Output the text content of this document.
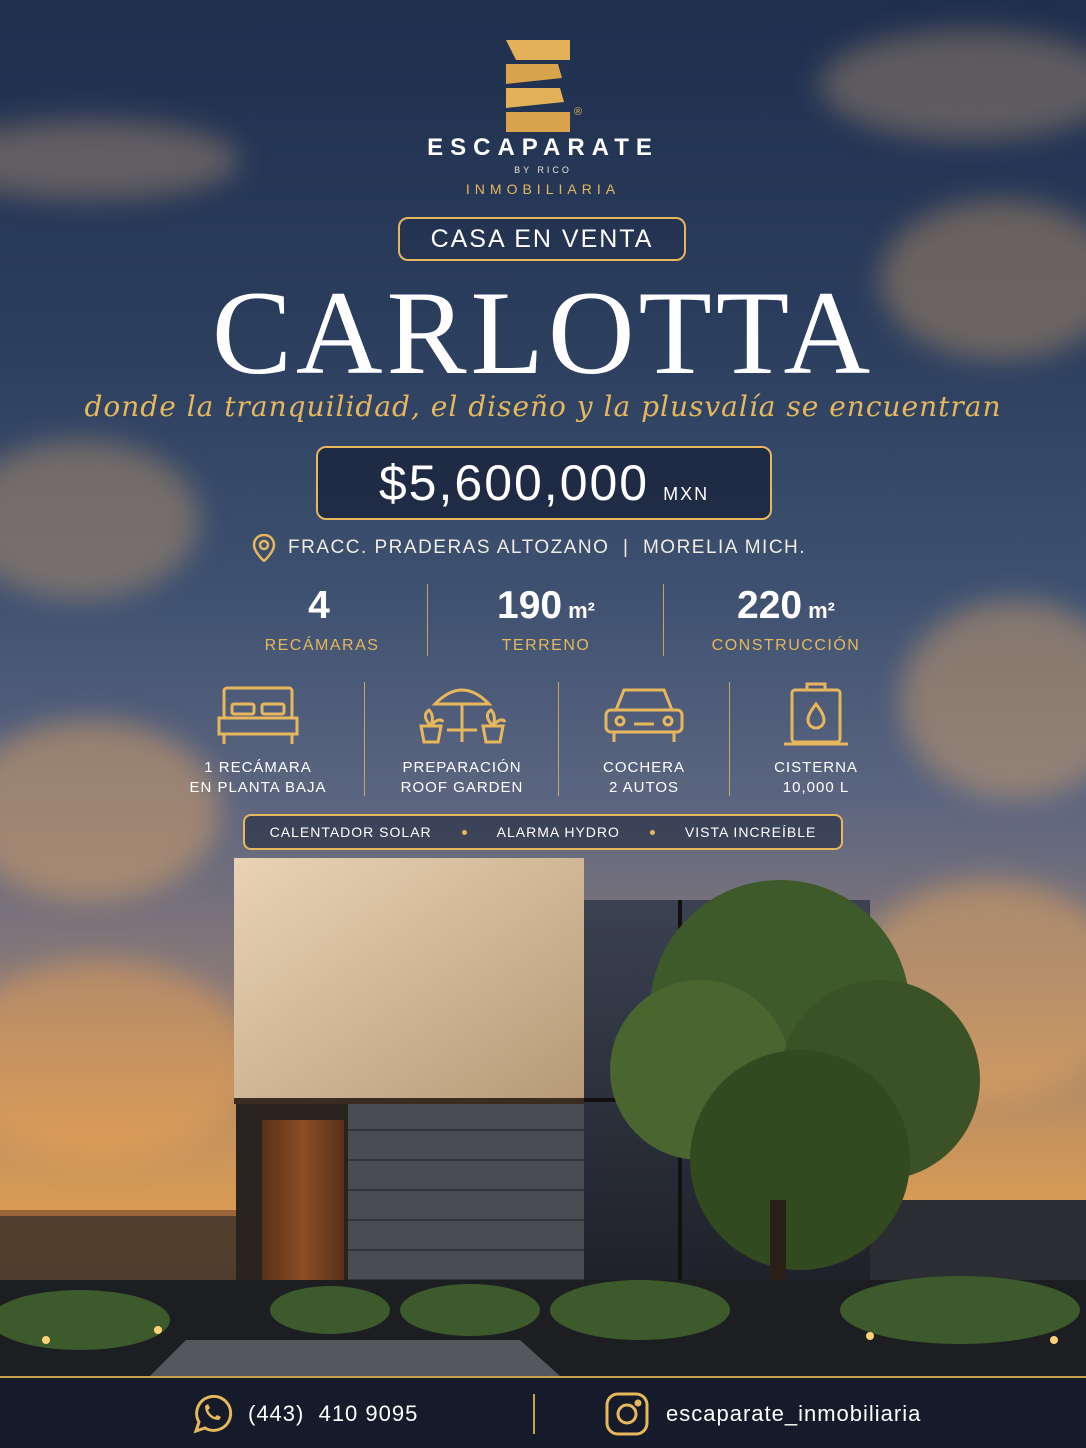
®
ESCAPARATE
BY RICO
INMOBILIARIA
CASA EN VENTA
CARLOTTA
donde la tranquilidad, el diseño y la plusvalía se encuentran
$5,600,000 MXN
FRACC. PRADERAS ALTOZANO  |  MORELIA MICH.
4
RECÁMARAS
190 m²
TERRENO
220 m²
CONSTRUCCIÓN
1 RECÁMARA
EN PLANTA BAJA
PREPARACIÓN
ROOF GARDEN
COCHERA
2 AUTOS
CISTERNA
10,000 L
CALENTADOR SOLAR	ALARMA HYDRO	VISTA INCREÍBLE
(443)  410 9095	escaparate_inmobiliaria
